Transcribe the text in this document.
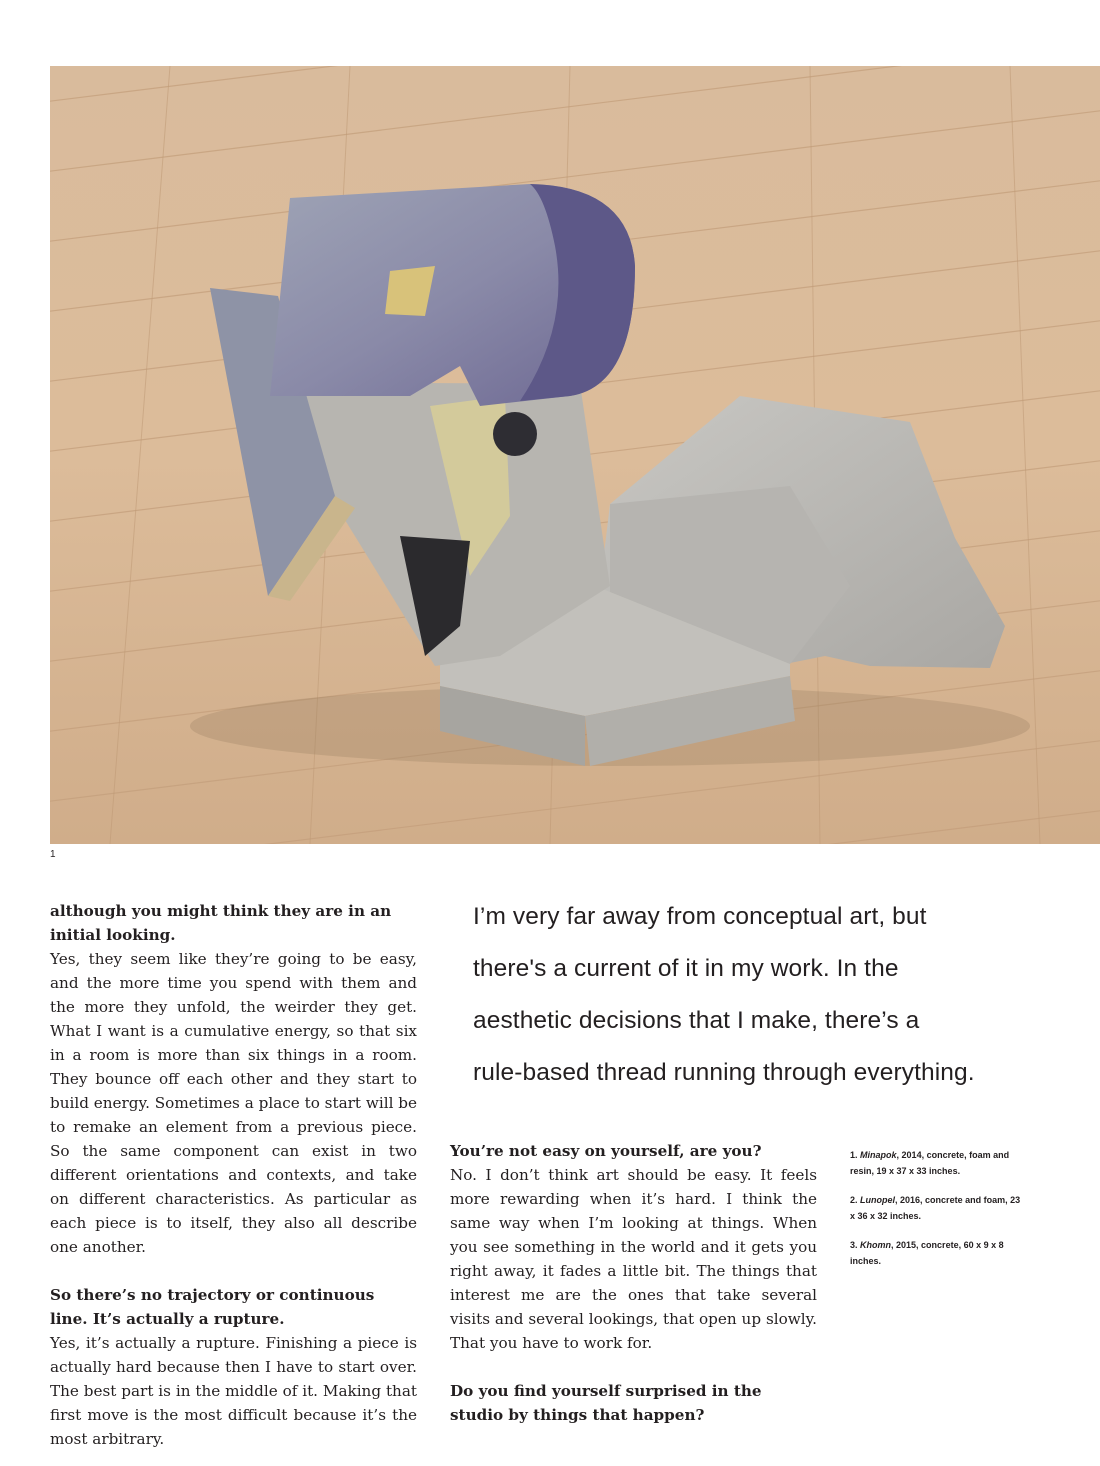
1

although you might think they are in an initial looking.

Yes, they seem like they’re going to be easy, and the more time you spend with them and the more they unfold, the weirder they get. What I want is a cumulative energy, so that six in a room is more than six things in a room. They bounce off each other and they start to build energy. Sometimes a place to start will be to remake an element from a previous piece. So the same component can exist in two different orientations and contexts, and take on different characteristics. As particular as each piece is to itself, they also all describe one another.

So there’s no trajectory or continuous line. It’s actually a rupture.

Yes, it’s actually a rupture. Finishing a piece is actually hard because then I have to start over. The best part is in the middle of it. Making that first move is the most difficult because it’s the most arbitrary.

I’m very far away from conceptual art, but

there's a current of it in my work. In the

aesthetic decisions that I make, there’s a

rule-based thread running through everything.

You’re not easy on yourself, are you?

No. I don’t think art should be easy. It feels more rewarding when it’s hard. I think the same way when I’m looking at things. When you see something in the world and it gets you right away, it fades a little bit. The things that interest me are the ones that take several visits and several lookings, that open up slowly. That you have to work for.

Do you find yourself surprised in the studio by things that happen?

1. Minapok, 2014, concrete, foam and resin, 19 x 37 x 33 inches.

2. Lunopel, 2016, concrete and foam, 23 x 36 x 32 inches.

3. Khomn, 2015, concrete, 60 x 9 x 8 inches.
